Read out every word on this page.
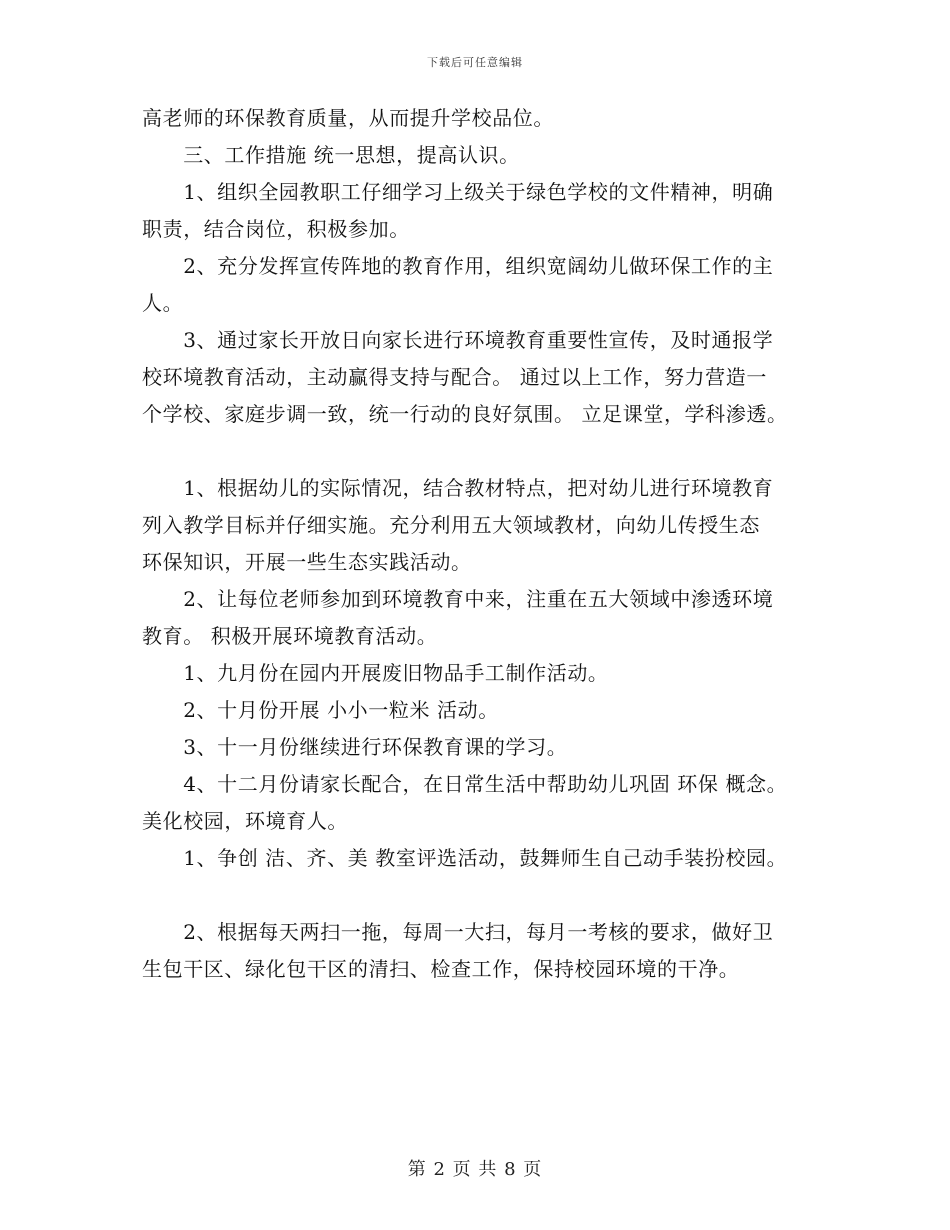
下载后可任意编辑
高老师的环保教育质量，从而提升学校品位。
　　三、工作措施 统一思想，提高认识。
　　1、组织全园教职工仔细学习上级关于绿色学校的文件精神，明确
职责，结合岗位，积极参加。
　　2、充分发挥宣传阵地的教育作用，组织宽阔幼儿做环保工作的主
人。
　　3、通过家长开放日向家长进行环境教育重要性宣传，及时通报学
校环境教育活动，主动赢得支持与配合。 通过以上工作，努力营造一
个学校、家庭步调一致，统一行动的良好氛围。 立足课堂，学科渗透。
　　1、根据幼儿的实际情况，结合教材特点，把对幼儿进行环境教育
列入教学目标并仔细实施。充分利用五大领域教材，向幼儿传授生态
环保知识，开展一些生态实践活动。
　　2、让每位老师参加到环境教育中来，注重在五大领域中渗透环境
教育。 积极开展环境教育活动。
　　1、九月份在园内开展废旧物品手工制作活动。
　　2、十月份开展 小小一粒米 活动。
　　3、十一月份继续进行环保教育课的学习。
　　4、十二月份请家长配合，在日常生活中帮助幼儿巩固 环保 概念。
美化校园，环境育人。
　　1、争创 洁、齐、美 教室评选活动，鼓舞师生自己动手装扮校园。
　　2、根据每天两扫一拖，每周一大扫，每月一考核的要求，做好卫
生包干区、绿化包干区的清扫、检查工作，保持校园环境的干净。
第 2 页 共 8 页
